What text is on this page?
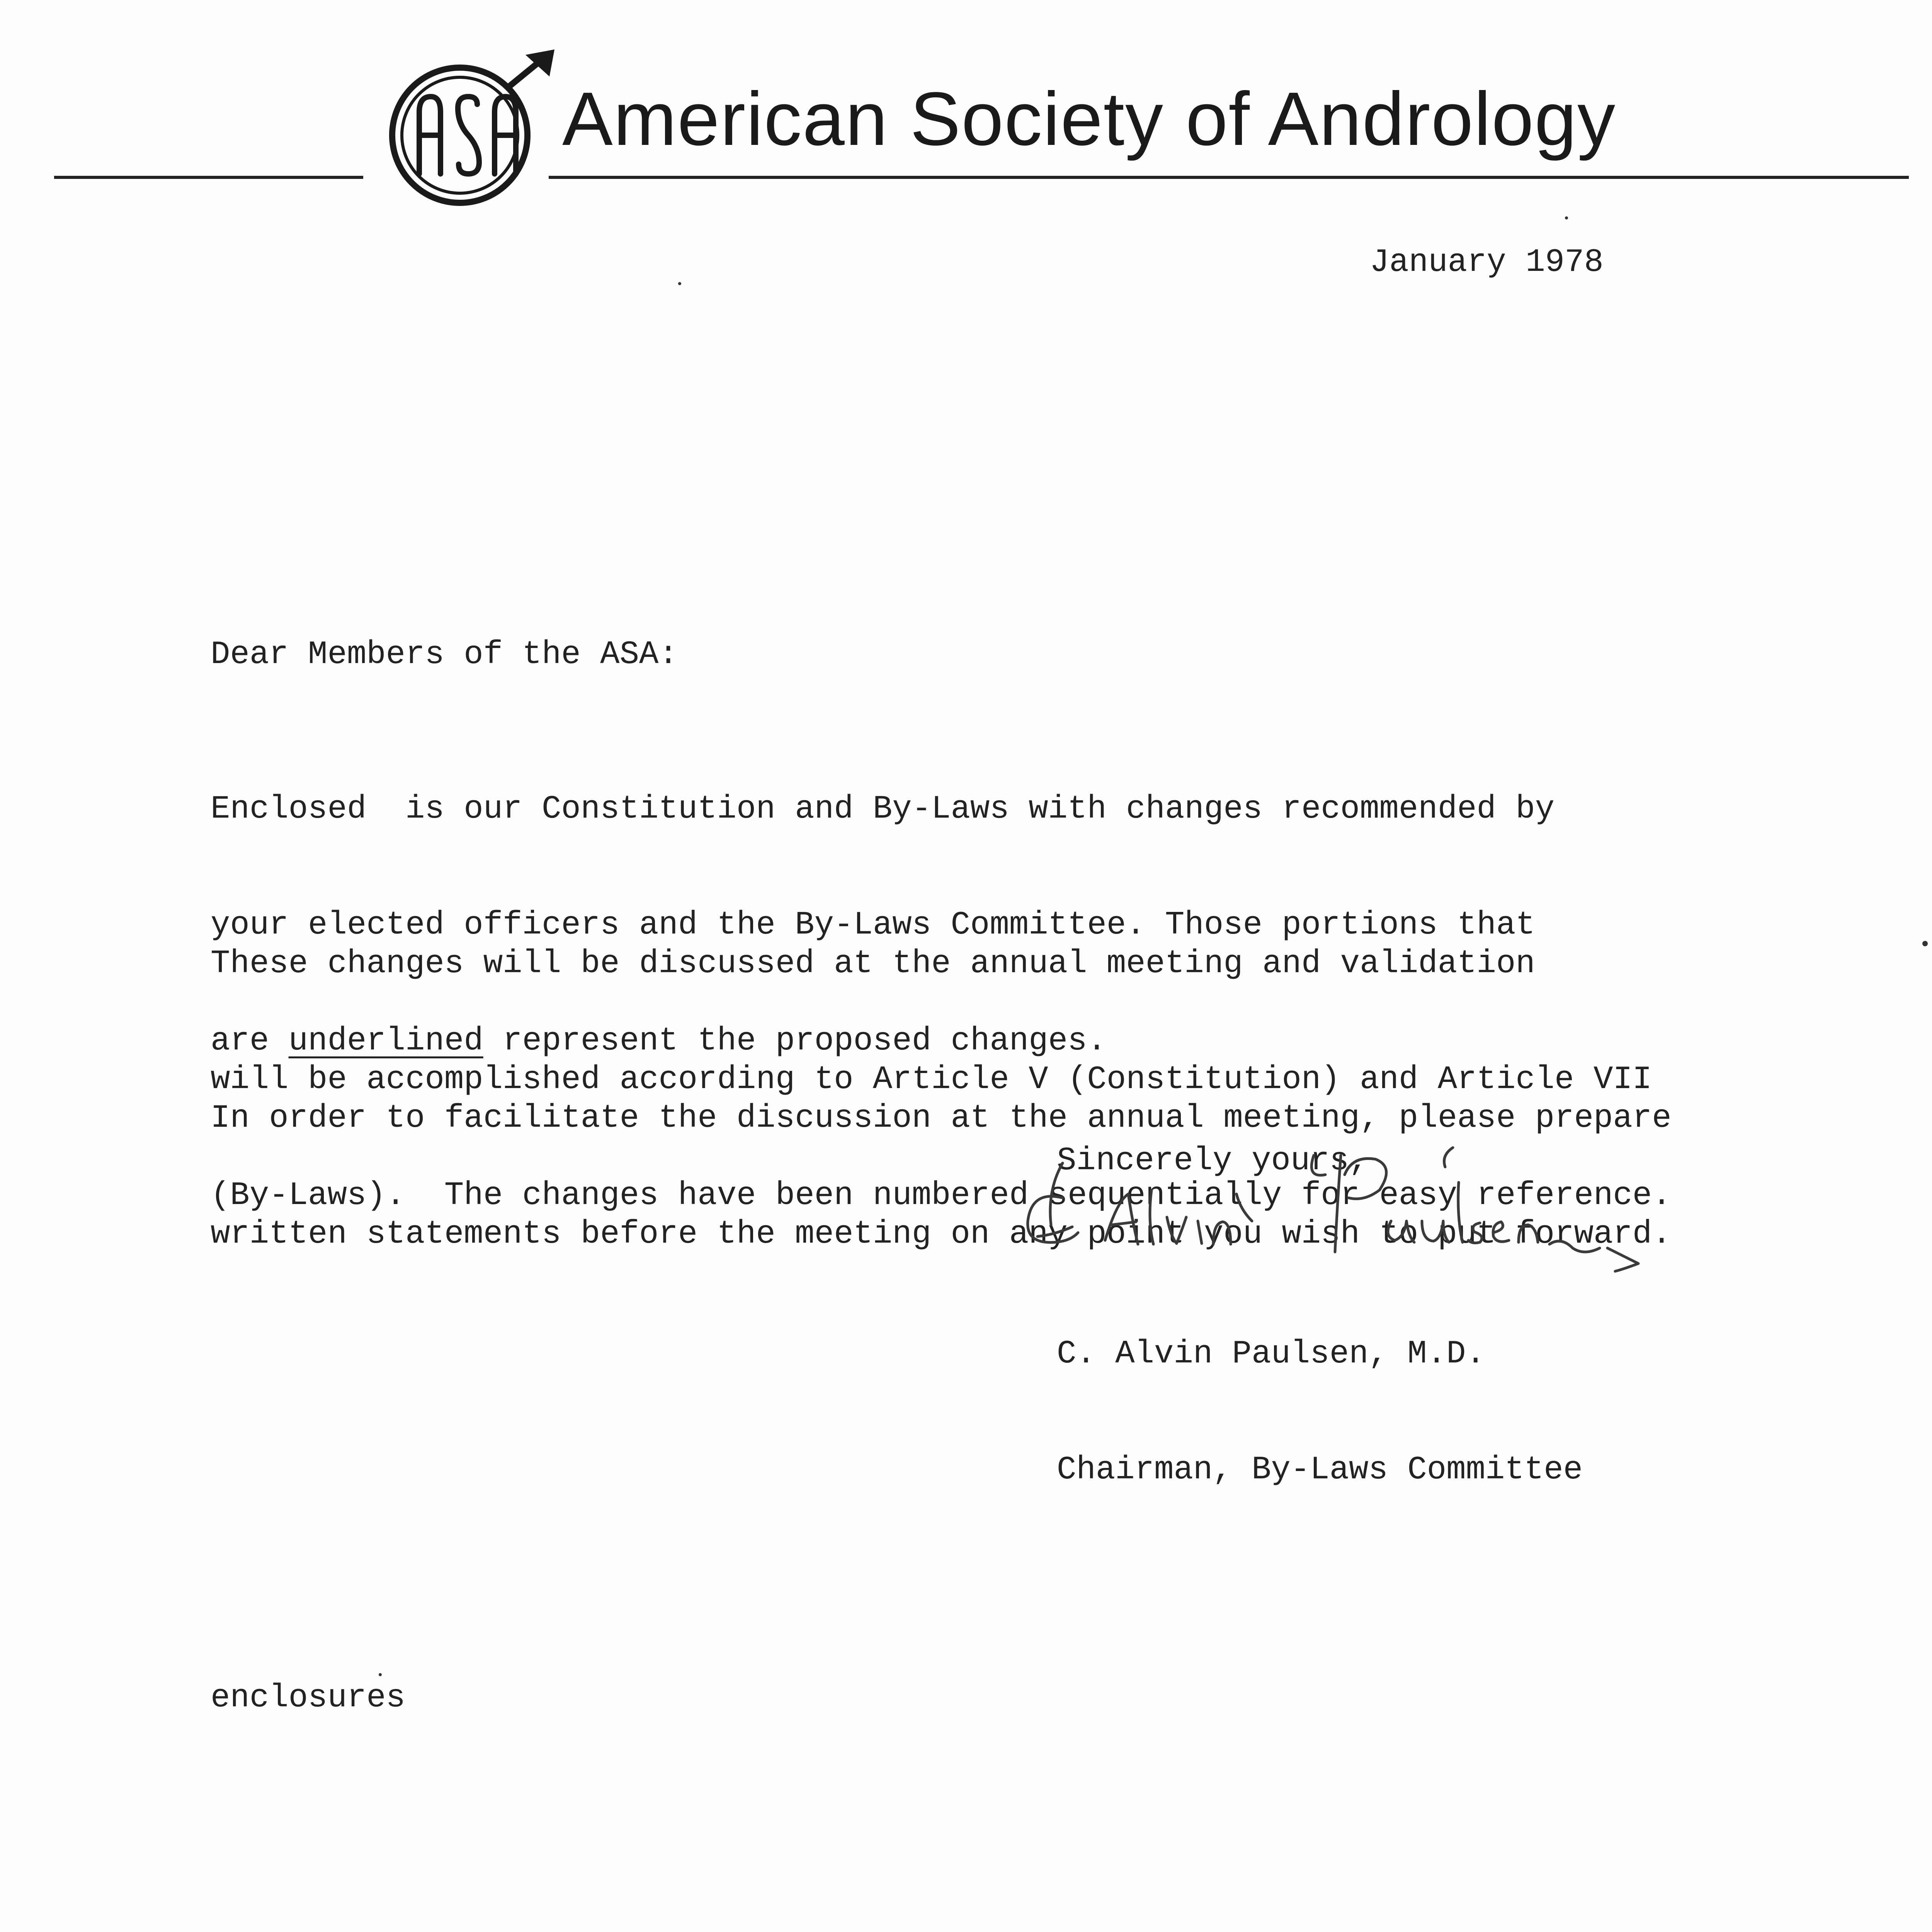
American Society of Andrology
January 1978
Dear Members of the ASA:

Enclosed  is our Constitution and By-Laws with changes recommended by

your elected officers and the By-Laws Committee. Those portions that

are underlined represent the proposed changes.

These changes will be discussed at the annual meeting and validation

will be accomplished according to Article V (Constitution) and Article VII

(By-Laws).  The changes have been numbered sequentially for easy reference.

In order to facilitate the discussion at the annual meeting, please prepare

written statements before the meeting on any point you wish to put forward.

Sincerely yours,

C. Alvin Paulsen, M.D.

Chairman, By-Laws Committee

enclosures
